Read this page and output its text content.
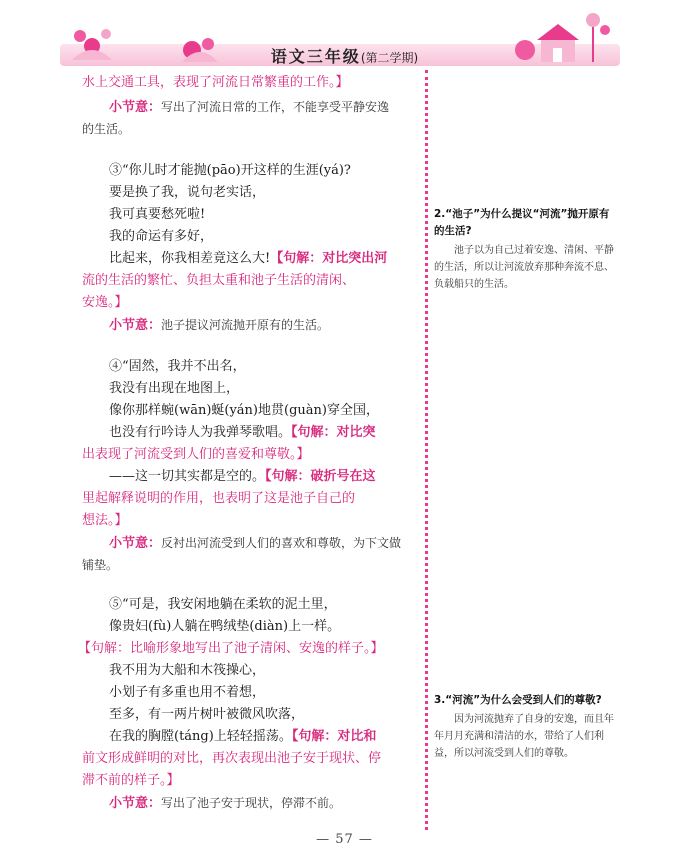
语文三年级(第二学期)
水上交通工具，表现了河流日常繁重的工作。】
小节意：写出了河流日常的工作，不能享受平静安逸
的生活。
③“你儿时才能抛(pāo)开这样的生涯(yá)?
要是换了我，说句老实话，
我可真要愁死啦!
我的命运有多好，
比起来，你我相差竟这么大!【句解：对比突出河
流的生活的繁忙、负担太重和池子生活的清闲、
安逸。】
小节意：池子提议河流抛开原有的生活。
④“固然，我并不出名，
我没有出现在地图上，
像你那样蜿(wān)蜒(yán)地贯(guàn)穿全国，
也没有行吟诗人为我弹琴歌唱。【句解：对比突
出表现了河流受到人们的喜爱和尊敬。】
——这一切其实都是空的。【句解：破折号在这
里起解释说明的作用，也表明了这是池子自己的
想法。】
小节意：反衬出河流受到人们的喜欢和尊敬，为下文做
铺垫。
⑤“可是，我安闲地躺在柔软的泥土里，
像贵妇(fù)人躺在鸭绒垫(diàn)上一样。
【句解：比喻形象地写出了池子清闲、安逸的样子。】
我不用为大船和木筏操心，
小划子有多重也用不着想，
至多，有一两片树叶被微风吹落，
在我的胸膛(táng)上轻轻摇荡。【句解：对比和
前文形成鲜明的对比，再次表现出池子安于现状、停
滞不前的样子。】
小节意：写出了池子安于现状，停滞不前。

2.“池子”为什么提议“河流”抛开原有的生活?

池子以为自己过着安逸、清闲、平静的生活，所以让河流放弃那种奔流不息、负载船只的生活。

3.“河流”为什么会受到人们的尊敬?

因为河流抛弃了自身的安逸，而且年年月月充满和清洁的水，带给了人们利益，所以河流受到人们的尊敬。

— 57 —
